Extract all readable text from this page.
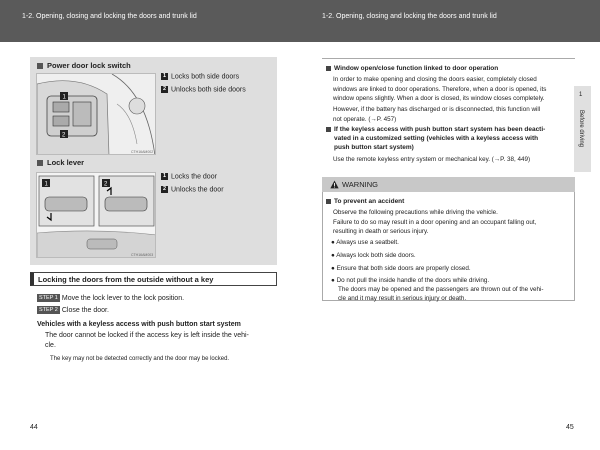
1-2. Opening, closing and locking the doors and trunk lid	1-2. Opening, closing and locking the doors and trunk lid
Power door lock switch
1
2
CTH16AM002
1 Locks both side doors
2 Unlocks both side doors
Lock lever
1	2
CTH16AM003
1 Locks the door
2 Unlocks the door
Locking the doors from the outside without a key
STEP 1 Move the lock lever to the lock position.
STEP 2 Close the door.
Vehicles with a keyless access with push button start system
The door cannot be locked if the access key is left inside the vehi-
cle.
The key may not be detected correctly and the door may be locked.
44
Window open/close function linked to door operation
In order to make opening and closing the doors easier, completely closed
windows are linked to door operations. Therefore, when a door is opened, its
window opens slightly. When a door is closed, its window closes completely.
However, if the battery has discharged or is disconnected, this function will
not operate. (→P. 457)
If the keyless access with push button start system has been deacti-
vated in a customized setting (vehicles with a keyless access with
push button start system)
Use the remote keyless entry system or mechanical key. (→P. 38, 449)
1
Before driving
WARNING
To prevent an accident
Observe the following precautions while driving the vehicle.
Failure to do so may result in a door opening and an occupant falling out,
resulting in death or serious injury.
● Always use a seatbelt.
● Always lock both side doors.
● Ensure that both side doors are properly closed.
● Do not pull the inside handle of the doors while driving.
The doors may be opened and the passengers are thrown out of the vehi-
cle and it may result in serious injury or death.
45
